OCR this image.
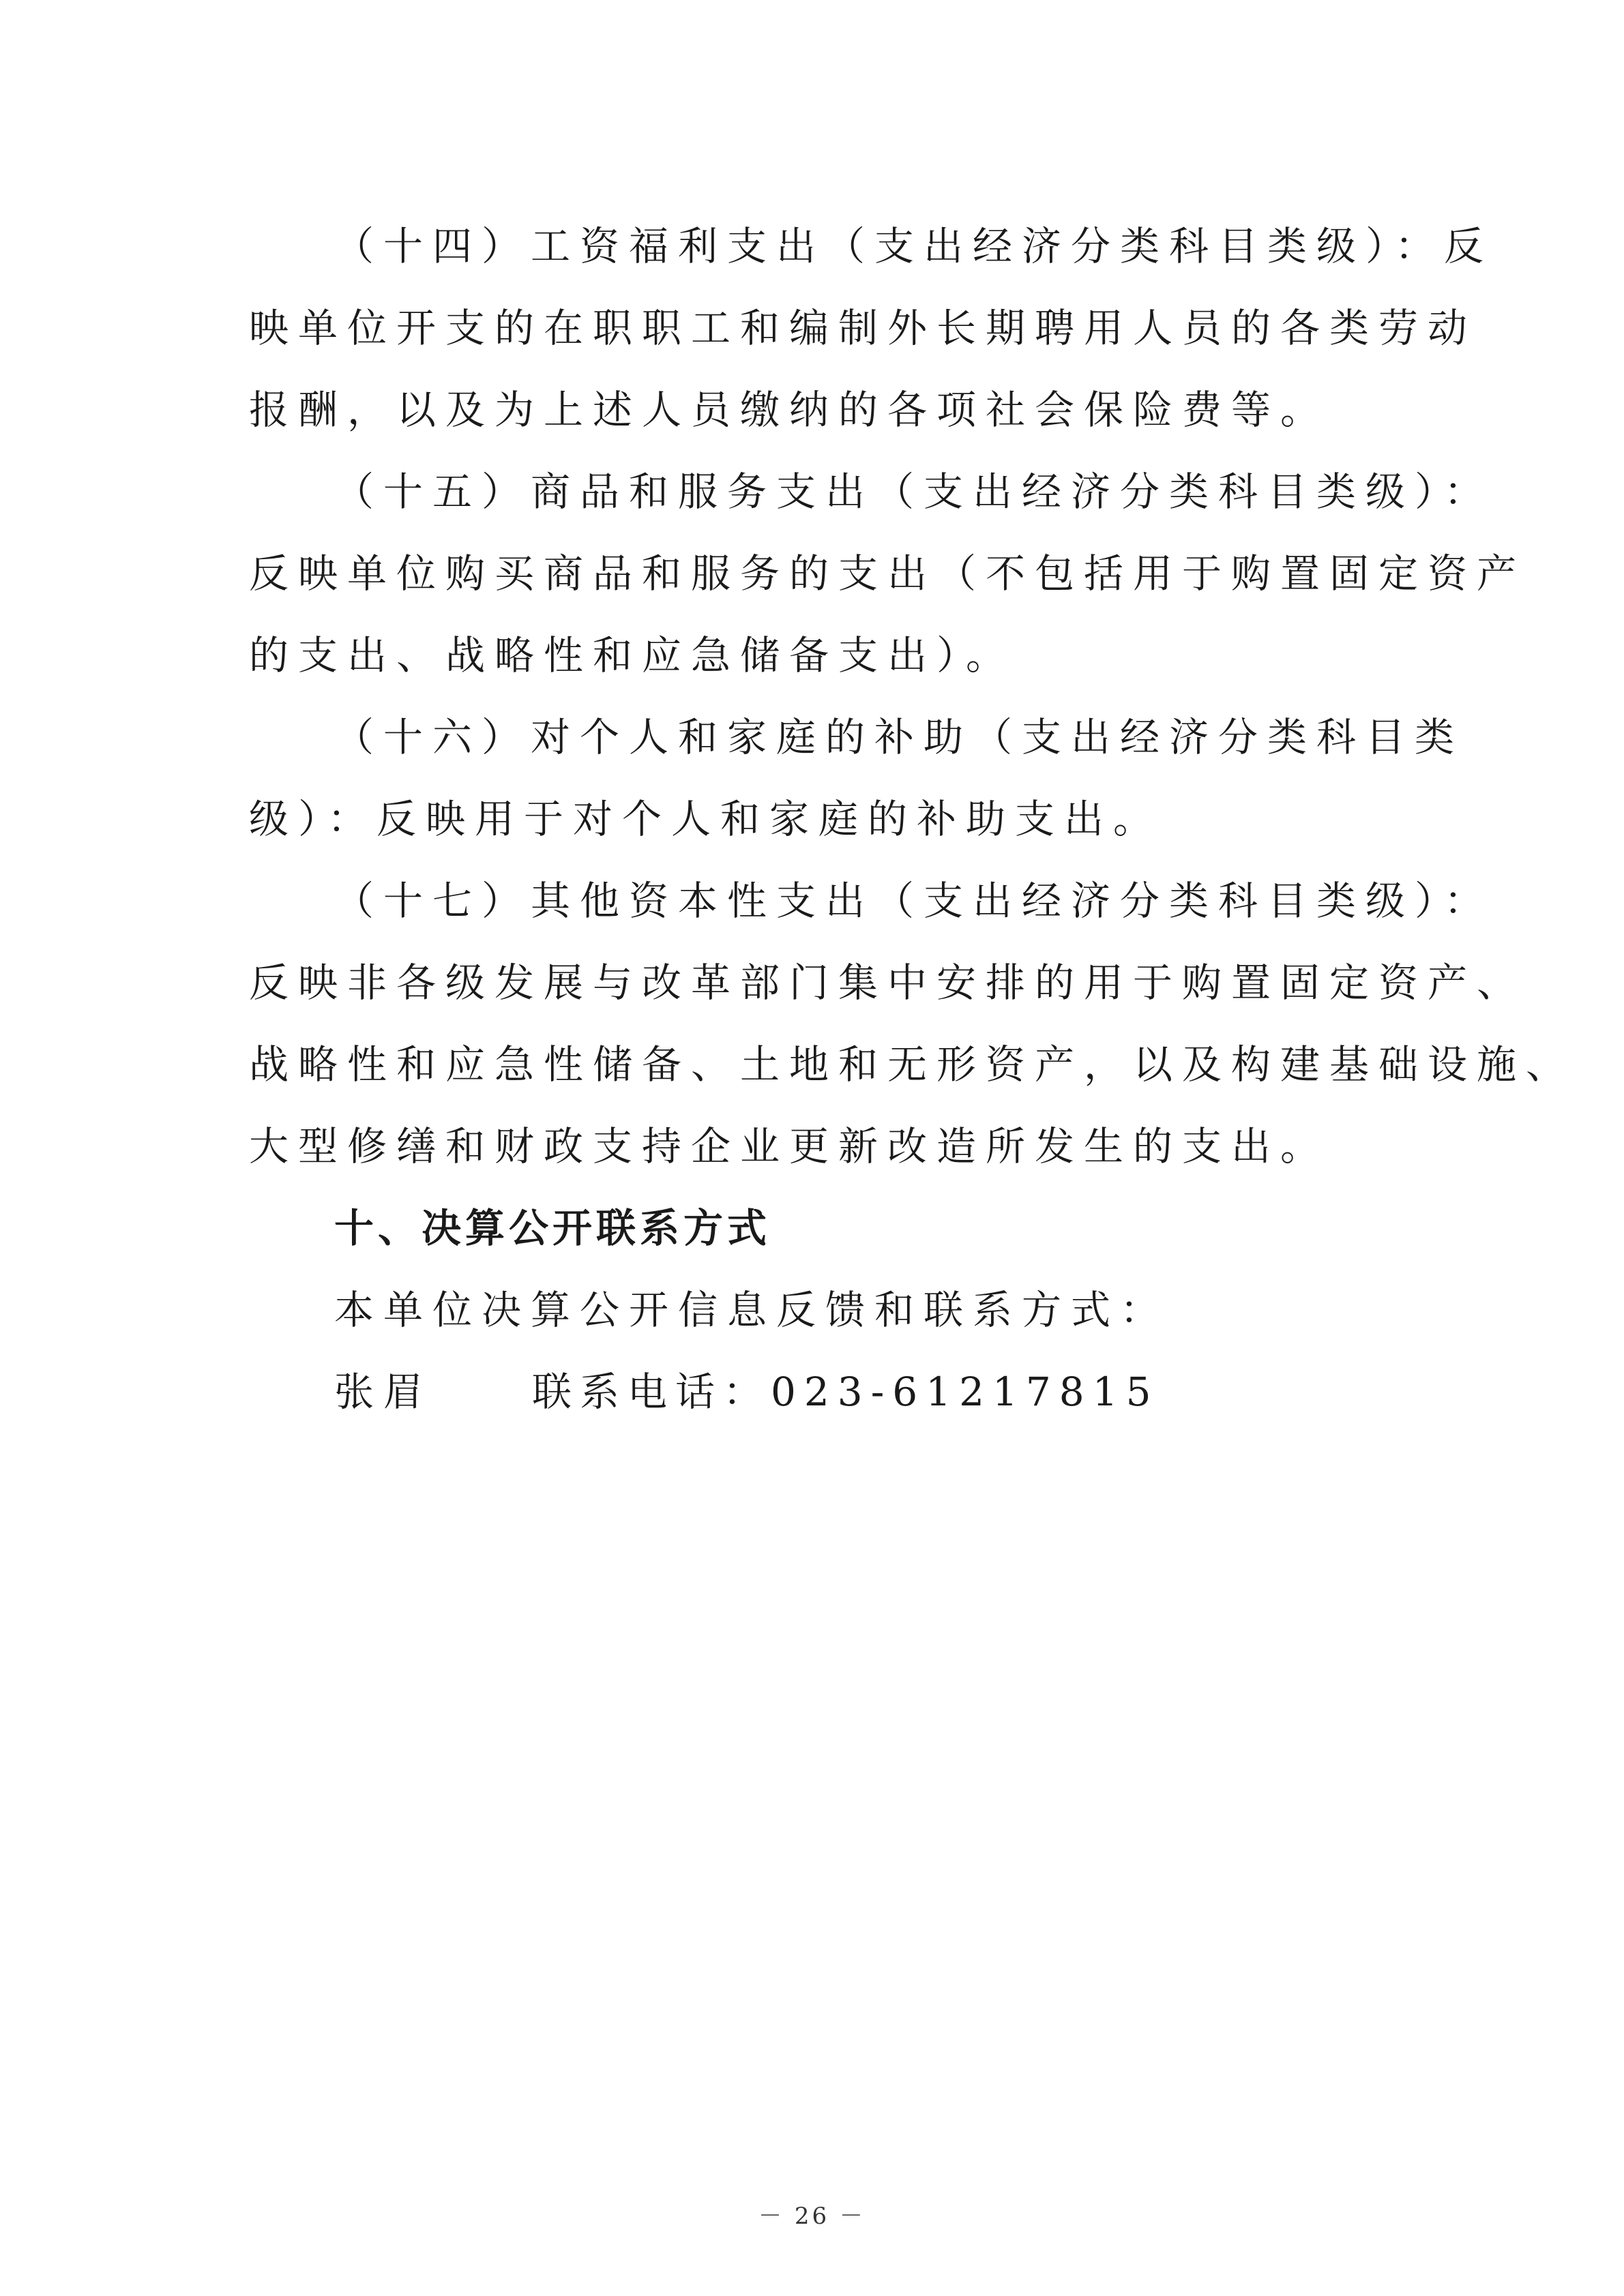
（十四）工资福利支出（支出经济分类科目类级）：反
映单位开支的在职职工和编制外长期聘用人员的各类劳动
报酬，以及为上述人员缴纳的各项社会保险费等。
（十五）商品和服务支出（支出经济分类科目类级）：
反映单位购买商品和服务的支出（不包括用于购置固定资产
的支出、战略性和应急储备支出）。
（十六）对个人和家庭的补助（支出经济分类科目类
级）：反映用于对个人和家庭的补助支出。
（十七）其他资本性支出（支出经济分类科目类级）：
反映非各级发展与改革部门集中安排的用于购置固定资产、
战略性和应急性储备、土地和无形资产，以及构建基础设施、
大型修缮和财政支持企业更新改造所发生的支出。
十、决算公开联系方式
本单位决算公开信息反馈和联系方式：
张眉	联系电话：023-61217815
－ 26 －
